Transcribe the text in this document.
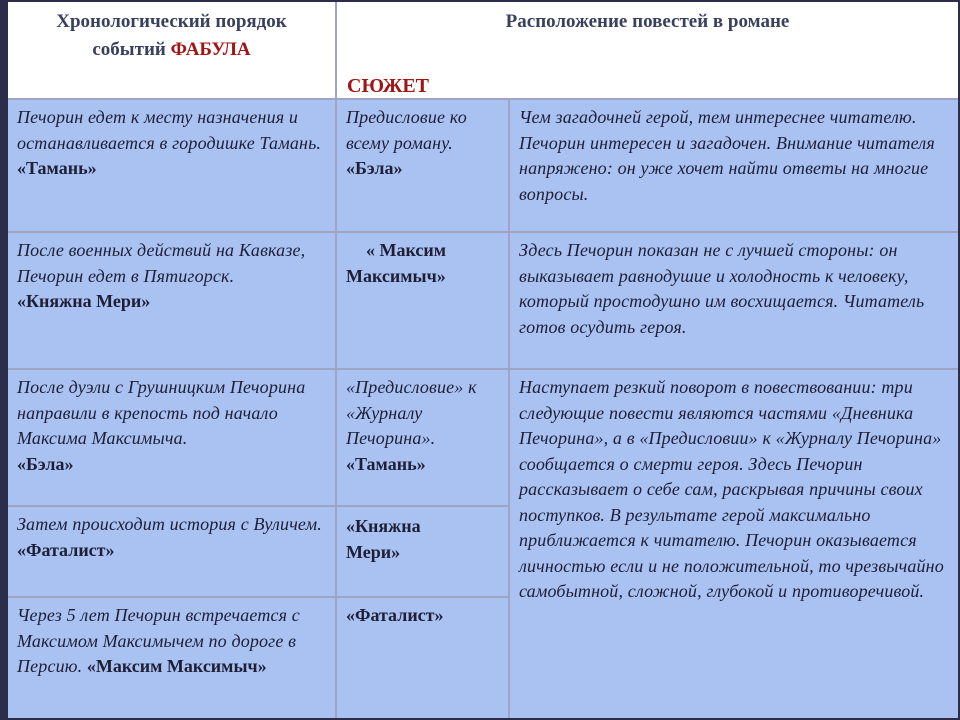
Хронологический порядок
событий ФАБУЛА
Расположение повестей в романе
СЮЖЕТ
Печорин едет к месту назначения и останавливается в городишке Тамань.
«Тамань»
Предисловие ко всему роману.
«Бэла»
Чем загадочней герой, тем интереснее читателю. Печорин интересен и загадочен. Внимание читателя напряжено: он уже хочет найти ответы на многие вопросы.
После военных действий на Кавказе, Печорин едет в Пятигорск.
«Княжна Мери»
« Максим Максимыч»
Здесь Печорин показан не с лучшей стороны: он выказывает равнодушие и холодность к человеку, который простодушно им восхищается. Читатель готов осудить героя.
После дуэли с Грушницким Печорина направили в крепость под начало Максима Максимыча.
«Бэла»
«Предисловие» к «Журналу Печорина».
«Тамань»
Наступает резкий поворот в повествовании: три следующие повести являются частями «Дневника Печорина», а в «Предисловии» к «Журналу Печорина» сообщается о смерти героя. Здесь Печорин рассказывает о себе сам, раскрывая причины своих поступков. В результате герой максимально приближается к читателю. Печорин оказывается личностью если и не положительной, то чрезвычайно самобытной, сложной, глубокой и противоречивой.
Затем происходит история с Вуличем.
«Фаталист»
«Княжна Мери»
Через 5 лет Печорин встречается с Максимом Максимычем по дороге в Персию. «Максим Максимыч»
«Фаталист»
